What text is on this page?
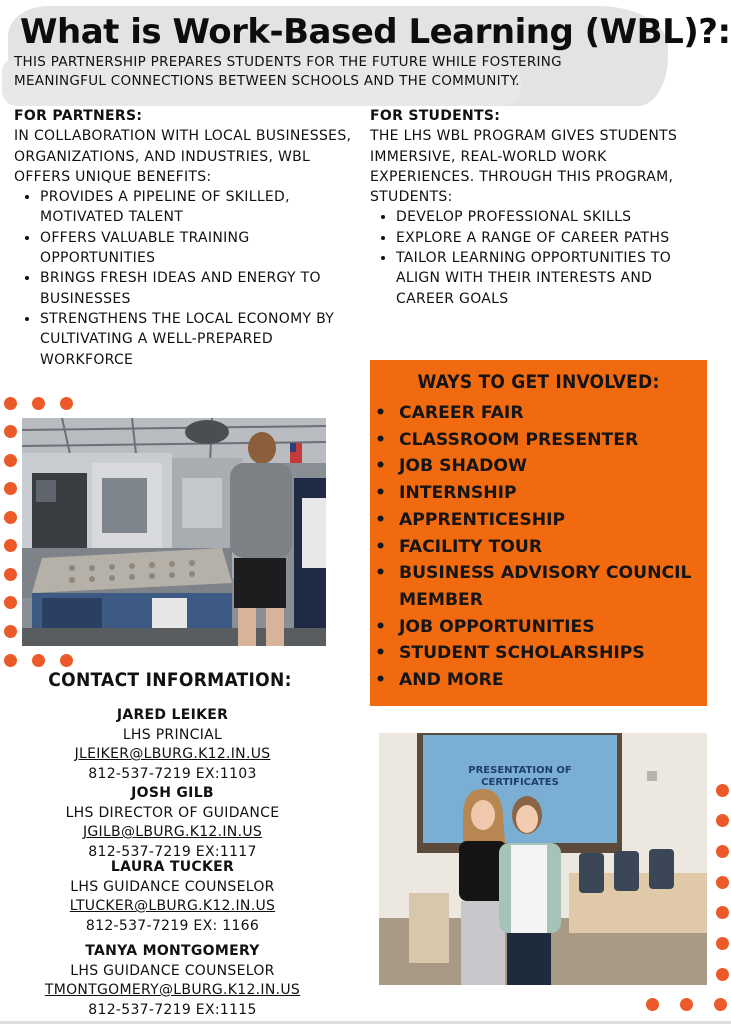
What is Work-Based Learning (WBL)?:
THIS PARTNERSHIP PREPARES STUDENTS FOR THE FUTURE WHILE FOSTERING MEANINGFUL CONNECTIONS BETWEEN SCHOOLS AND THE COMMUNITY.
FOR PARTNERS:
IN COLLABORATION WITH LOCAL BUSINESSES, ORGANIZATIONS, AND INDUSTRIES, WBL OFFERS UNIQUE BENEFITS:
• PROVIDES A PIPELINE OF SKILLED, MOTIVATED TALENT
• OFFERS VALUABLE TRAINING OPPORTUNITIES
• BRINGS FRESH IDEAS AND ENERGY TO BUSINESSES
• STRENGTHENS THE LOCAL ECONOMY BY CULTIVATING A WELL-PREPARED WORKFORCE
FOR STUDENTS:
THE LHS WBL PROGRAM GIVES STUDENTS IMMERSIVE, REAL-WORLD WORK EXPERIENCES. THROUGH THIS PROGRAM, STUDENTS:
• DEVELOP PROFESSIONAL SKILLS
• EXPLORE A RANGE OF CAREER PATHS
• TAILOR LEARNING OPPORTUNITIES TO ALIGN WITH THEIR INTERESTS AND CAREER GOALS
WAYS TO GET INVOLVED:
• CAREER FAIR
• CLASSROOM PRESENTER
• JOB SHADOW
• INTERNSHIP
• APPRENTICESHIP
• FACILITY TOUR
• BUSINESS ADVISORY COUNCIL
MEMBER
• JOB OPPORTUNITIES
• STUDENT SCHOLARSHIPS
• AND MORE
CONTACT INFORMATION:
JARED LEIKER
LHS PRINCIAL
JLEIKER@LBURG.K12.IN.US
812-537-7219 EX:1103
JOSH GILB
LHS DIRECTOR OF GUIDANCE
JGILB@LBURG.K12.IN.US
812-537-7219 EX:1117
LAURA TUCKER
LHS GUIDANCE COUNSELOR
LTUCKER@LBURG.K12.IN.US
812-537-7219 EX: 1166
TANYA MONTGOMERY
LHS GUIDANCE COUNSELOR
TMONTGOMERY@LBURG.K12.IN.US
812-537-7219 EX:1115
PRESENTATION OF
CERTIFICATES
